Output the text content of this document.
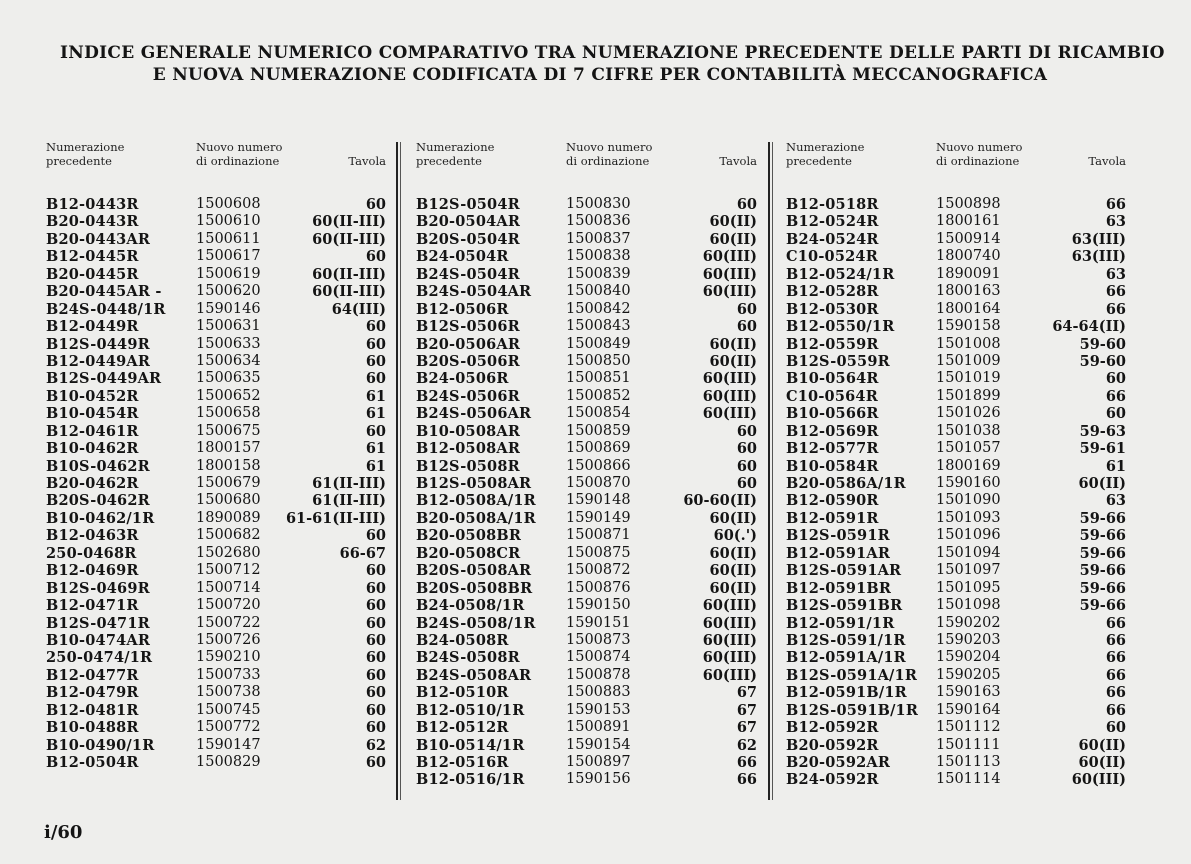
INDICE GENERALE NUMERICO COMPARATIVO TRA NUMERAZIONE PRECEDENTE DELLE PARTI DI RICAMBIO
E NUOVA NUMERAZIONE CODIFICATA DI 7 CIFRE PER CONTABILITÀ MECCANOGRAFICA
Numerazione
precedente
Nuovo numero
di ordinazione	Tavola
B12-0443R	1500608	60
B20-0443R	1500610	60(II-III)
B20-0443AR	1500611	60(II-III)
B12-0445R	1500617	60
B20-0445R	1500619	60(II-III)
B20-0445AR - 1500620	60(II-III)
B24S-0448/1R 1590146	64(III)
B12-0449R	1500631	60
B12S-0449R	1500633	60
B12-0449AR	1500634	60
B12S-0449AR 1500635	60
B10-0452R	1500652	61
B10-0454R	1500658	61
B12-0461R	1500675	60
B10-0462R	1800157	61
B10S-0462R	1800158	61
B20-0462R	1500679	61(II-III)
B20S-0462R	1500680	61(II-III)
B10-0462/1R	1890089 61-61(II-III)
B12-0463R	1500682	60
250-0468R	1502680	66-67
B12-0469R	1500712	60
B12S-0469R	1500714	60
B12-0471R	1500720	60
B12S-0471R	1500722	60
B10-0474AR	1500726	60
250-0474/1R	1590210	60
B12-0477R	1500733	60
B12-0479R	1500738	60
B12-0481R	1500745	60
B10-0488R	1500772	60
B10-0490/1R	1590147	62
B12-0504R	1500829	60
Numerazione
precedente
Nuovo numero
di ordinazione	Tavola
B12S-0504R	1500830	60
B20-0504AR	1500836	60(II)
B20S-0504R	1500837	60(II)
B24-0504R	1500838	60(III)
B24S-0504R	1500839	60(III)
B24S-0504AR 1500840	60(III)
B12-0506R	1500842	60
B12S-0506R	1500843	60
B20-0506AR	1500849	60(II)
B20S-0506R	1500850	60(II)
B24-0506R	1500851	60(III)
B24S-0506R	1500852	60(III)
B24S-0506AR 1500854	60(III)
B10-0508AR	1500859	60
B12-0508AR	1500869	60
B12S-0508R	1500866	60
B12S-0508AR 1500870	60
B12-0508A/1R 1590148	60-60(II)
B20-0508A/1R 1590149	60(II)
B20-0508BR	1500871	60(.')
B20-0508CR	1500875	60(II)
B20S-0508AR 1500872	60(II)
B20S-0508BR 1500876	60(II)
B24-0508/1R	1590150	60(III)
B24S-0508/1R 1590151	60(III)
B24-0508R	1500873	60(III)
B24S-0508R	1500874	60(III)
B24S-0508AR 1500878	60(III)
B12-0510R	1500883	67
B12-0510/1R	1590153	67
B12-0512R	1500891	67
B10-0514/1R	1590154	62
B12-0516R	1500897	66
B12-0516/1R	1590156	66
Numerazione
precedente
Nuovo numero
di ordinazione	Tavola
B12-0518R	1500898	66
B12-0524R	1800161	63
B24-0524R	1500914	63(III)
C10-0524R	1800740	63(III)
B12-0524/1R	1890091	63
B12-0528R	1800163	66
B12-0530R	1800164	66
B12-0550/1R	1590158	64-64(II)
B12-0559R	1501008	59-60
B12S-0559R	1501009	59-60
B10-0564R	1501019	60
C10-0564R	1501899	66
B10-0566R	1501026	60
B12-0569R	1501038	59-63
B12-0577R	1501057	59-61
B10-0584R	1800169	61
B20-0586A/1R 1590160	60(II)
B12-0590R	1501090	63
B12-0591R	1501093	59-66
B12S-0591R	1501096	59-66
B12-0591AR	1501094	59-66
B12S-0591AR 1501097	59-66
B12-0591BR	1501095	59-66
B12S-0591BR 1501098	59-66
B12-0591/1R	1590202	66
B12S-0591/1R 1590203	66
B12-0591A/1R 1590204	66
B12S-0591A/1R 1590205	66
B12-0591B/1R 1590163	66
B12S-0591B/1R 1590164	66
B12-0592R	1501112	60
B20-0592R	1501111	60(II)
B20-0592AR	1501113	60(II)
B24-0592R	1501114	60(III)
i/60
